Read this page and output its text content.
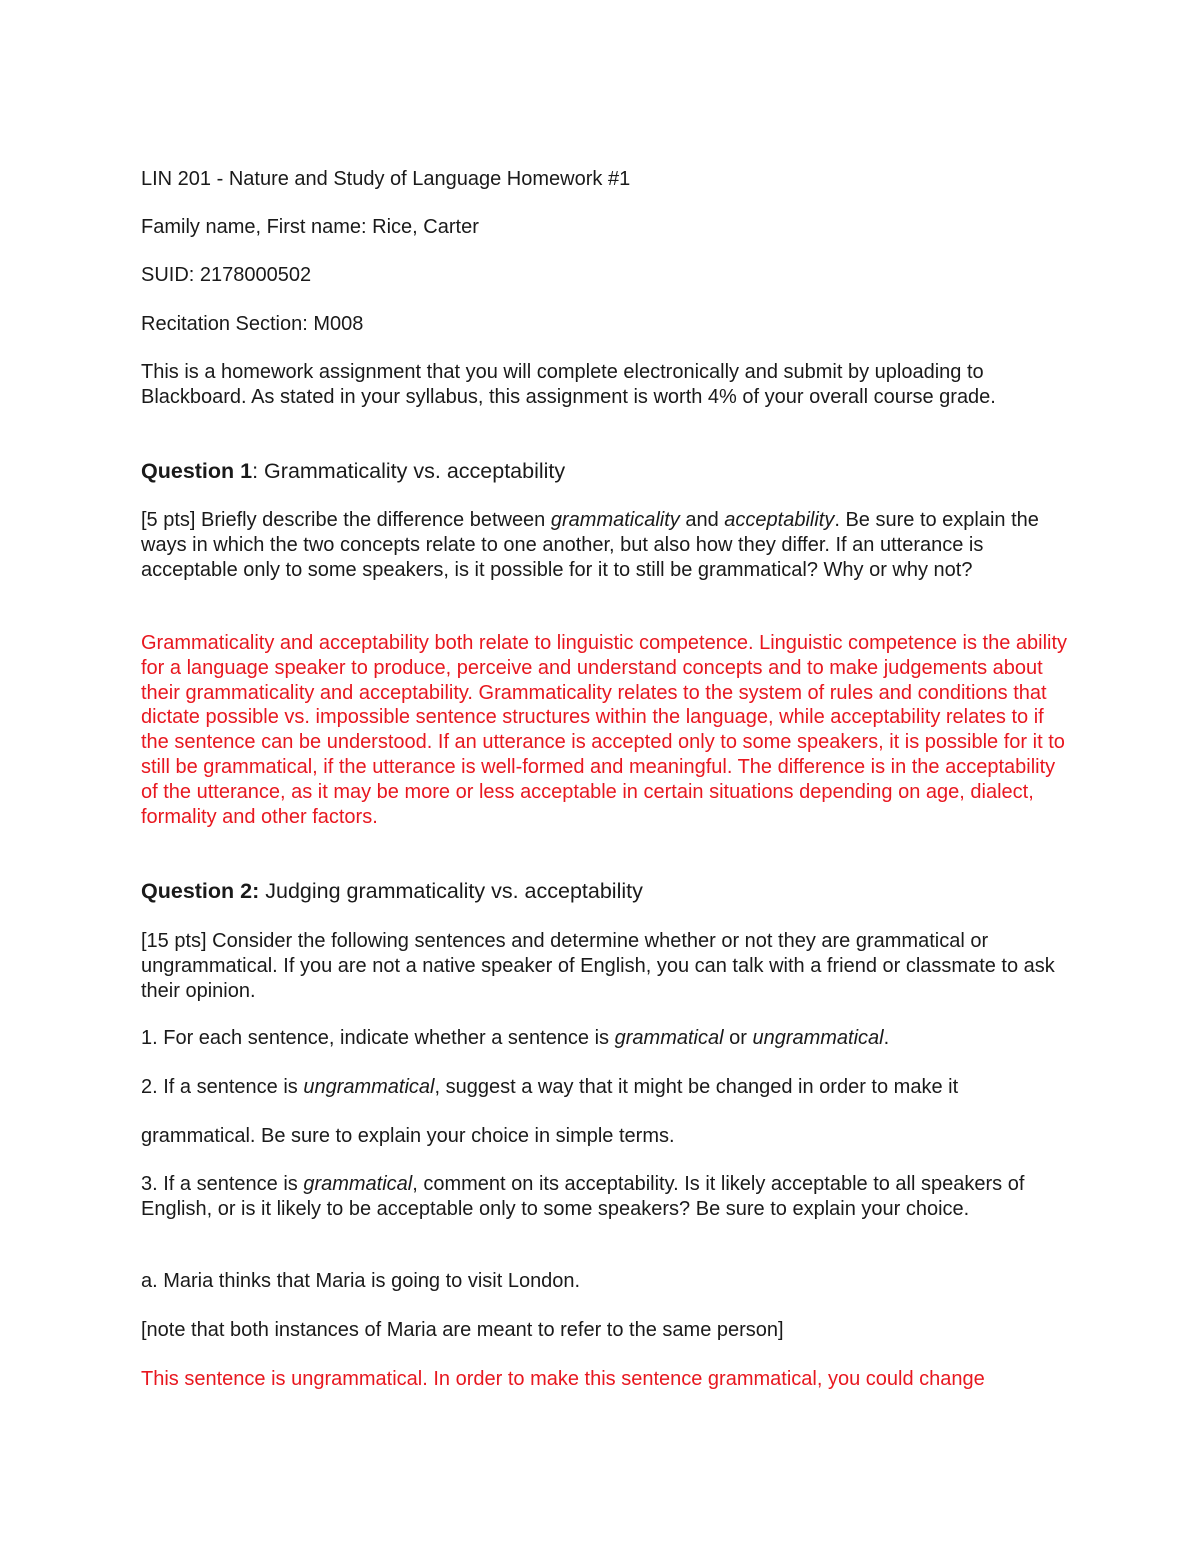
LIN 201 - Nature and Study of Language Homework #1

Family name, First name: Rice, Carter

SUID: 2178000502

Recitation Section: M008

This is a homework assignment that you will complete electronically and submit by uploading to Blackboard. As stated in your syllabus, this assignment is worth 4% of your overall course grade.

Question 1: Grammaticality vs. acceptability

[5 pts] Briefly describe the difference between grammaticality and acceptability. Be sure to explain the ways in which the two concepts relate to one another, but also how they differ. If an utterance is acceptable only to some speakers, is it possible for it to still be grammatical? Why or why not?

Grammaticality and acceptability both relate to linguistic competence. Linguistic competence is the ability for a language speaker to produce, perceive and understand concepts and to make judgements about their grammaticality and acceptability. Grammaticality relates to the system of rules and conditions that dictate possible vs. impossible sentence structures within the language, while acceptability relates to if the sentence can be understood. If an utterance is accepted only to some speakers, it is possible for it to still be grammatical, if the utterance is well-formed and meaningful. The difference is in the acceptability of the utterance, as it may be more or less acceptable in certain situations depending on age, dialect, formality and other factors.

Question 2: Judging grammaticality vs. acceptability

[15 pts] Consider the following sentences and determine whether or not they are grammatical or ungrammatical. If you are not a native speaker of English, you can talk with a friend or classmate to ask their opinion.

1. For each sentence, indicate whether a sentence is grammatical or ungrammatical.

2. If a sentence is ungrammatical, suggest a way that it might be changed in order to make it

grammatical. Be sure to explain your choice in simple terms.

3. If a sentence is grammatical, comment on its acceptability. Is it likely acceptable to all speakers of English, or is it likely to be acceptable only to some speakers? Be sure to explain your choice.

a. Maria thinks that Maria is going to visit London.

[note that both instances of Maria are meant to refer to the same person]

This sentence is ungrammatical. In order to make this sentence grammatical, you could change
